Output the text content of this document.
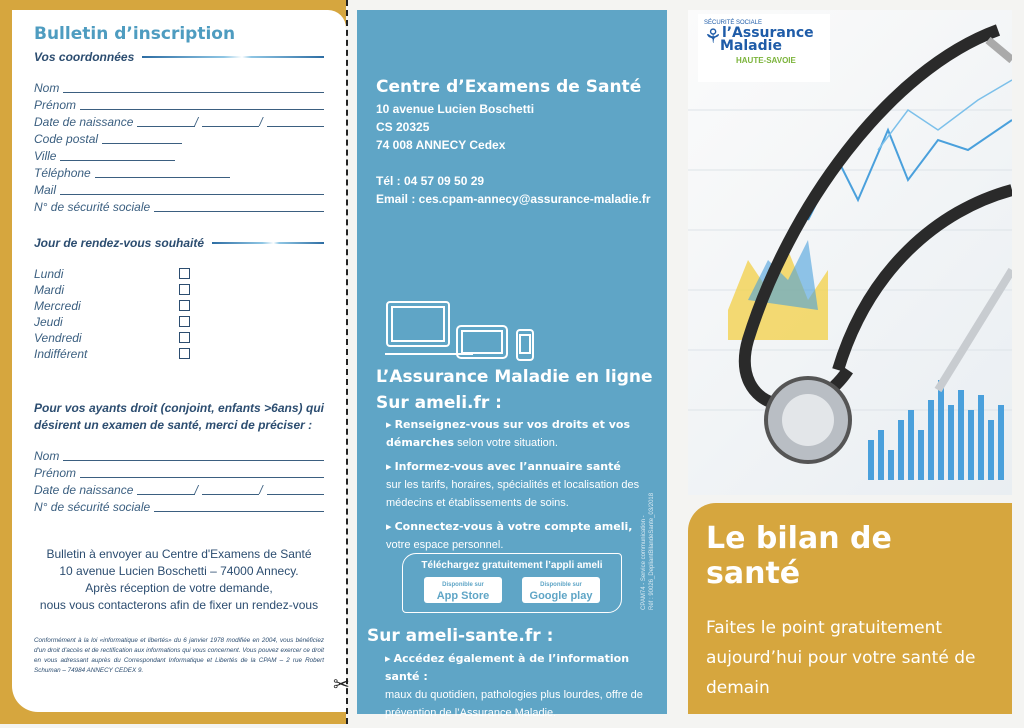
Bulletin d’inscription
Vos coordonnées
Nom
Prénom
Date de naissance	/	/
Code postal
Ville
Téléphone
Mail
N° de sécurité sociale
Jour de rendez-vous souhaité
Lundi
Mardi
Mercredi
Jeudi
Vendredi
Indifférent
Pour vos ayants droit (conjoint, enfants >6ans) qui désirent un examen de santé, merci de préciser :
Nom
Prénom
Date de naissance	/	/
N° de sécurité sociale
Bulletin à envoyer au Centre d'Examens de Santé
10 avenue Lucien Boschetti – 74000 Annecy.
Après réception de votre demande,
nous vous contacterons afin de fixer un rendez-vous
Conformément à la loi «informatique et libertés» du 6 janvier 1978 modifiée en 2004, vous bénéficiez d'un droit d'accès et de rectification aux informations qui vous concernent. Vous pouvez exercer ce droit en vous adressant auprès du Correspondant Informatique et Libertés de la CPAM – 2 rue Robert Schuman – 74984 ANNECY CEDEX 9.
✂
Centre d’Examens de Santé
10 avenue Lucien Boschetti
CS 20325
74 008 ANNECY Cedex
Tél : 04 57 09 50 29
Email : ces.cpam-annecy@assurance-maladie.fr
L’Assurance Maladie en ligne
Sur ameli.fr :
▸ Renseignez-vous sur vos droits et vos démarches selon votre situation.
▸ Informez-vous avec l’annuaire santé
sur les tarifs, horaires, spécialités et localisation des médecins et établissements de soins.
▸ Connectez-vous à votre compte ameli,
votre espace personnel.
Téléchargez gratuitement l’appli ameli
Disponible sur
App Store
Disponible sur
Google play
Sur ameli-sante.fr :
▸ Accédez également à de l’information santé :
maux du quotidien, pathologies plus lourdes, offre de prévention de l’Assurance Maladie.
CPAM74 - Service communication - Réf : 90026_DepliantBilandeSante_03/2018
SÉCURITÉ SOCIALE
⚘ l’Assurance
Maladie
HAUTE-SAVOIE
Le bilan de santé

Faites le point gratuitement aujourd’hui pour votre santé de demain
